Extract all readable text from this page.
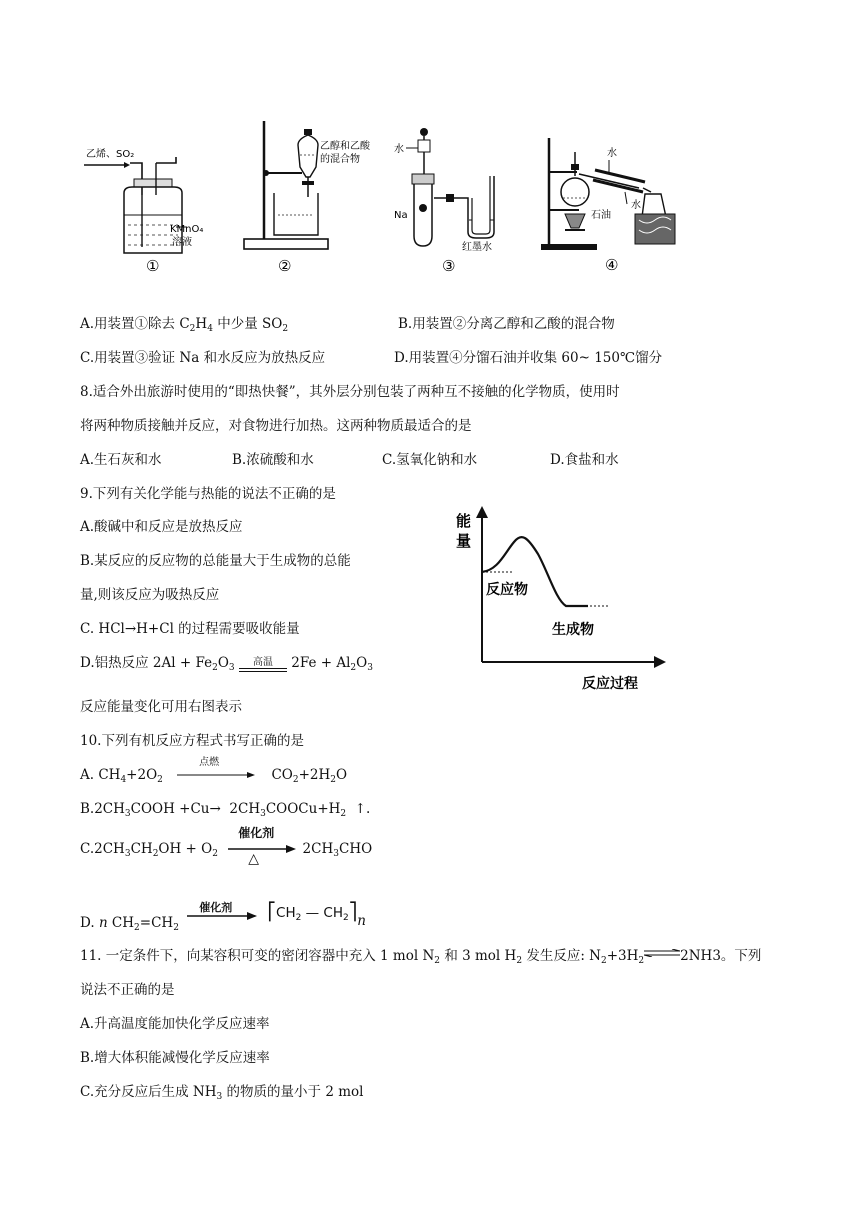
乙烯、SO₂
KMnO₄
溶液
①
乙醇和乙酸
的混合物
②
水
Na
红墨水
③
水
水
石油
④
A.用装置①除去 $C_2H_4$ 中少量 $SO_2$	B.用装置②分离乙醇和乙酸的混合物
C.用装置③验证 Na 和水反应为放热反应	D.用装置④分馏石油并收集 60~ 150℃馏分
8.适合外出旅游时使用的“即热快餐”，其外层分别包装了两种互不接触的化学物质，使用时
将两种物质接触并反应，对食物进行加热。这两种物质最适合的是
A.生石灰和水	B.浓硫酸和水	C.氢氧化钠和水	D.食盐和水
9.下列有关化学能与热能的说法不正确的是
A.酸碱中和反应是放热反应
B.某反应的反应物的总能量大于生成物的总能
量,则该反应为吸热反应
C. HCl→H+Cl 的过程需要吸收能量
D.铝热反应 $2Al + Fe_2O_3$ 高温
$2Fe + Al_2O_3$
反应能量变化可用右图表示
能
量
反应物
生成物
反应过程
10.下列有机反应方程式书写正确的是
A. $CH_4+2O_2$
点燃
$CO_2+2H_2O$
$B.2CH_3COOH +Cu\to$  $2CH_3COOCu+H_2$  ↑.
$C.2CH_3CH_2OH + O_2$
催化剂
△
$2CH_3CHO$
D. n $CH_2=CH_2$
催化剂 $⎡CH_2$ — $CH_2⎤n$
11. 一定条件下，向某容积可变的密闭容器中充入 1 mol $N_2$ 和 3 mol $H_2$ 发生反应: $N_2+3H_2$	2NH3。下列
说法不正确的是
A.升高温度能加快化学反应速率
B.增大体积能减慢化学反应速率
C.充分反应后生成 $NH_3$ 的物质的量小于 2 mol
